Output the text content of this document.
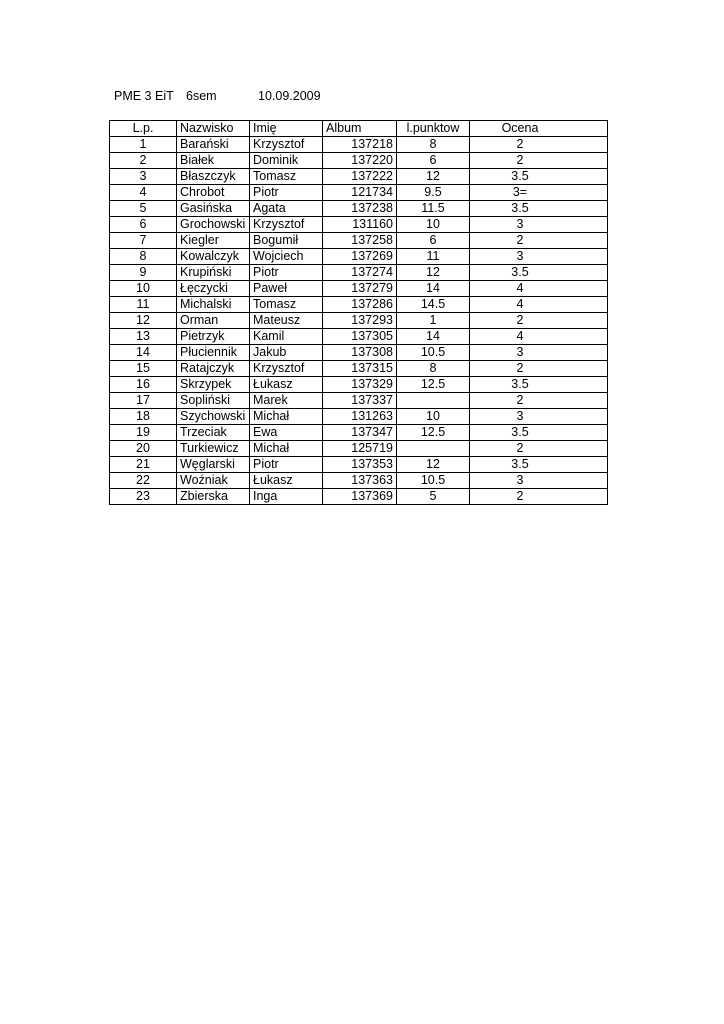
PME 3 EiT 6sem	10.09.2009
L.p.	Nazwisko	Imię	Album	l.punktow	Ocena
1	Barański	Krzysztof	137218	8	2
2	Białek	Dominik	137220	6	2
3	Błaszczyk	Tomasz	137222	12	3.5
4	Chrobot	Piotr	121734	9.5	3=
5	Gasińska	Agata	137238	11.5	3.5
6	Grochowski	Krzysztof	131160	10	3
7	Kiegler	Bogumił	137258	6	2
8	Kowalczyk	Wojciech	137269	11	3
9	Krupiński	Piotr	137274	12	3.5
10	Łęczycki	Paweł	137279	14	4
11	Michalski	Tomasz	137286	14.5	4
12	Orman	Mateusz	137293	1	2
13	Pietrzyk	Kamil	137305	14	4
14	Płuciennik	Jakub	137308	10.5	3
15	Ratajczyk	Krzysztof	137315	8	2
16	Skrzypek	Łukasz	137329	12.5	3.5
17	Sopliński	Marek	137337		2
18	Szychowski	Michał	131263	10	3
19	Trzeciak	Ewa	137347	12.5	3.5
20	Turkiewicz	Michał	125719		2
21	Węglarski	Piotr	137353	12	3.5
22	Woźniak	Łukasz	137363	10.5	3
23	Zbierska	Inga	137369	5	2
